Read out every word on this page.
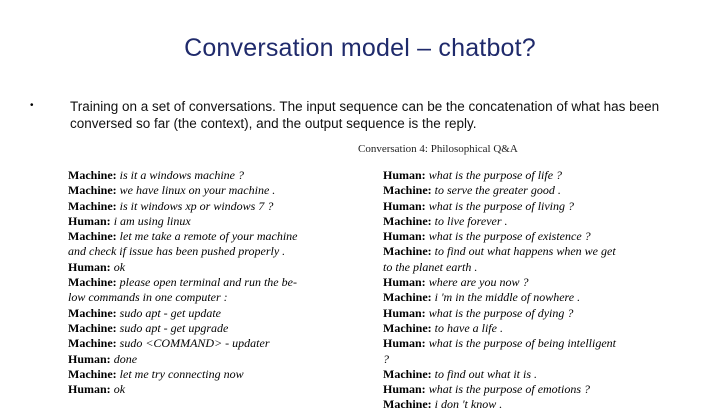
Conversation model – chatbot?
•	Training on a set of conversations. The input sequence can be the concatenation of what has been conversed so far (the context), and the output sequence is the reply.
Conversation 4: Philosophical Q&A
Machine: is it a windows machine ?
Machine: we have linux on your machine .
Machine: is it windows xp or windows 7 ?
Human: i am using linux
Machine: let me take a remote of your machine
and check if issue has been pushed properly .
Human: ok
Machine: please open terminal and run the be-
low commands in one computer :
Machine: sudo apt - get update
Machine: sudo apt - get upgrade
Machine: sudo <COMMAND> - updater
Human: done
Machine: let me try connecting now
Human: ok
Human: what is the purpose of life ?
Machine: to serve the greater good .
Human: what is the purpose of living ?
Machine: to live forever .
Human: what is the purpose of existence ?
Machine: to find out what happens when we get
to the planet earth .
Human: where are you now ?
Machine: i 'm in the middle of nowhere .
Human: what is the purpose of dying ?
Machine: to have a life .
Human: what is the purpose of being intelligent
?
Machine: to find out what it is .
Human: what is the purpose of emotions ?
Machine: i don 't know .
